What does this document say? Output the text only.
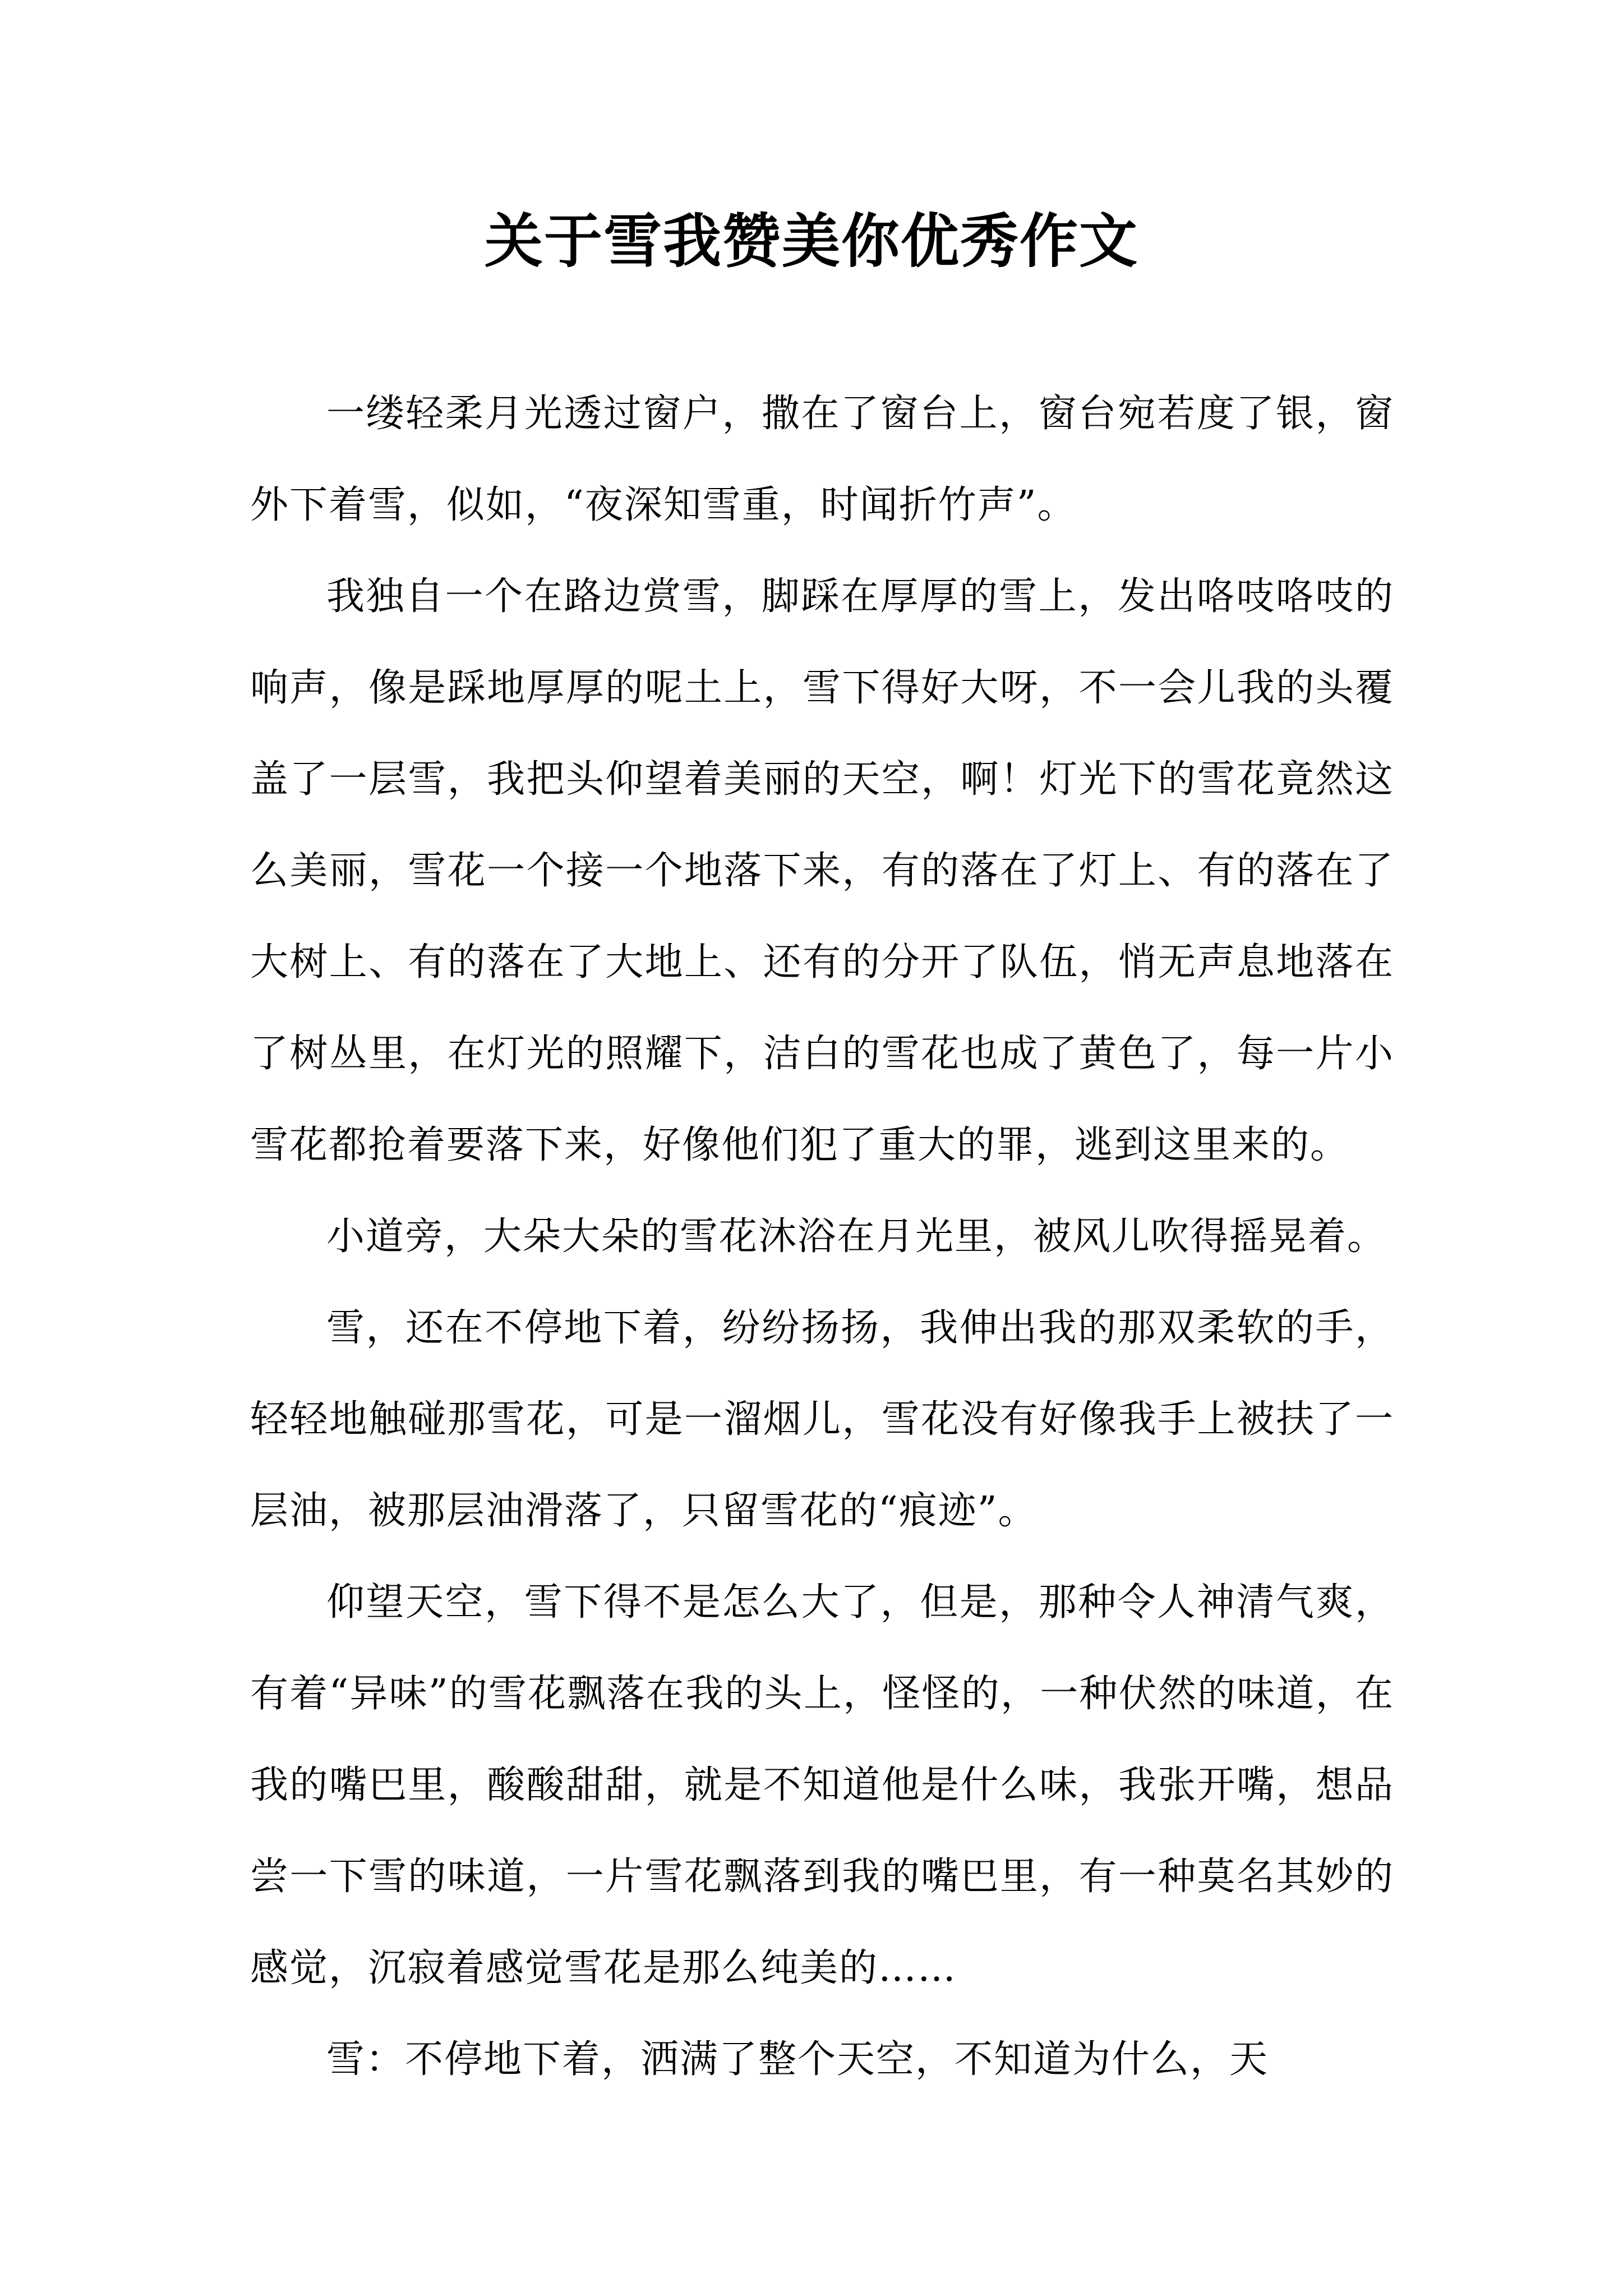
关于雪我赞美你优秀作文

一缕轻柔月光透过窗户，撒在了窗台上，窗台宛若度了银，窗外下着雪，似如，“夜深知雪重，时闻折竹声”。

我独自一个在路边赏雪，脚踩在厚厚的雪上，发出咯吱咯吱的响声，像是踩地厚厚的呢土上，雪下得好大呀，不一会儿我的头覆盖了一层雪，我把头仰望着美丽的天空，啊！灯光下的雪花竟然这么美丽，雪花一个接一个地落下来，有的落在了灯上、有的落在了大树上、有的落在了大地上、还有的分开了队伍，悄无声息地落在了树丛里，在灯光的照耀下，洁白的雪花也成了黄色了，每一片小雪花都抢着要落下来，好像他们犯了重大的罪，逃到这里来的。

小道旁，大朵大朵的雪花沐浴在月光里，被风儿吹得摇晃着。

雪，还在不停地下着，纷纷扬扬，我伸出我的那双柔软的手，轻轻地触碰那雪花，可是一溜烟儿，雪花没有好像我手上被扶了一层油，被那层油滑落了，只留雪花的“痕迹”。

仰望天空，雪下得不是怎么大了，但是，那种令人神清气爽，有着“异味”的雪花飘落在我的头上，怪怪的，一种伏然的味道，在我的嘴巴里，酸酸甜甜，就是不知道他是什么味，我张开嘴，想品尝一下雪的味道，一片雪花飘落到我的嘴巴里，有一种莫名其妙的感觉，沉寂着感觉雪花是那么纯美的……

雪：不停地下着，洒满了整个天空，不知道为什么，天
